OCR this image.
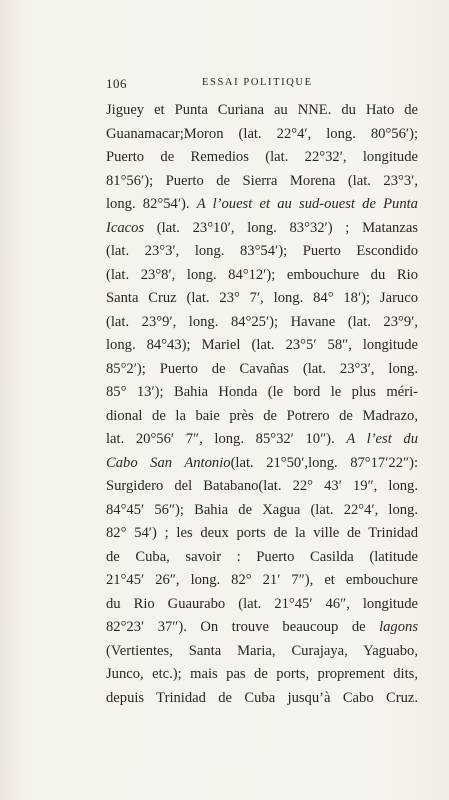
106	ESSAI POLITIQUE
Jiguey et Punta Curiana au NNE. du Hato de
Guanamacar;Moron (lat. 22°4′, long. 80°56′);
Puerto de Remedios (lat. 22°32′, longitude
81°56′); Puerto de Sierra Morena (lat. 23°3′,
long. 82°54′). A l’ouest et au sud-ouest de Punta
Icacos (lat. 23°10′, long. 83°32′) ; Matanzas
(lat. 23°3′, long. 83°54′); Puerto Escondido
(lat. 23°8′, long. 84°12′); embouchure du Rio
Santa Cruz (lat. 23° 7′, long. 84° 18′); Jaruco
(lat. 23°9′, long. 84°25′); Havane (lat. 23°9′,
long. 84°43); Mariel (lat. 23°5′ 58″, longitude
85°2′); Puerto de Cavañas (lat. 23°3′, long.
85° 13′); Bahia Honda (le bord le plus méri-
dional de la baie près de Potrero de Madrazo,
lat. 20°56′ 7″, long. 85°32′ 10″). A l’est du
Cabo San Antonio(lat. 21°50′,long. 87°17′22″):
Surgidero del Batabano(lat. 22° 43′ 19″, long.
84°45′ 56″); Bahia de Xagua (lat. 22°4′, long.
82° 54′) ; les deux ports de la ville de Trinidad
de Cuba, savoir : Puerto Casilda (latitude
21°45′ 26″, long. 82° 21′ 7″), et embouchure
du Rio Guaurabo (lat. 21°45′ 46″, longitude
82°23′ 37″). On trouve beaucoup de lagons
(Vertientes, Santa Maria, Curajaya, Yaguabo,
Junco, etc.); mais pas de ports, proprement dits,
depuis Trinidad de Cuba jusqu’à Cabo Cruz.
